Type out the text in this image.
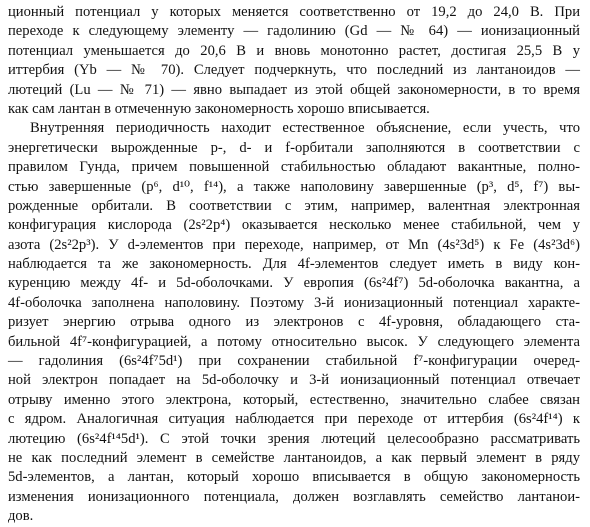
ционный потенциал у которых меняется соответственно от 19,2 до 24,0 В. При
переходе к следующему элементу — гадолинию (Gd — № 64) — ионизационный
потенциал уменьшается до 20,6 В и вновь монотонно растет, достигая 25,5 В у
иттербия (Yb — № 70). Следует подчеркнуть, что последний из лантаноидов —
лютеций (Lu — № 71) — явно выпадает из этой общей закономерности, в то время
как сам лантан в отмеченную закономерность хорошо вписывается.
Внутренняя периодичность находит естественное объяснение, если учесть, что
энергетически вырожденные p-, d- и f-орбитали заполняются в соответствии с
правилом Гунда, причем повышенной стабильностью обладают вакантные, полно-
стью завершенные (p⁶, d¹⁰, f¹⁴), а также наполовину завершенные (p³, d⁵, f⁷) вы-
рожденные орбитали. В соответствии с этим, например, валентная электронная
конфигурация кислорода (2s²2p⁴) оказывается несколько менее стабильной, чем у
азота (2s²2p³). У d-элементов при переходе, например, от Mn (4s²3d⁵) к Fe (4s²3d⁶)
наблюдается та же закономерность. Для 4f-элементов следует иметь в виду кон-
куренцию между 4f- и 5d-оболочками. У европия (6s²4f⁷) 5d-оболочка вакантна, а
4f-оболочка заполнена наполовину. Поэтому 3-й ионизационный потенциал характе-
ризует энергию отрыва одного из электронов с 4f-уровня, обладающего ста-
бильной 4f⁷-конфигурацией, а потому относительно высок. У следующего элемента
— гадолиния (6s²4f⁷5d¹) при сохранении стабильной f⁷-конфигурации очеред-
ной электрон попадает на 5d-оболочку и 3-й ионизационный потенциал отвечает
отрыву именно этого электрона, который, естественно, значительно слабее связан
с ядром. Аналогичная ситуация наблюдается при переходе от иттербия (6s²4f¹⁴) к
лютецию (6s²4f¹⁴5d¹). С этой точки зрения лютеций целесообразно рассматривать
не как последний элемент в семействе лантаноидов, а как первый элемент в ряду
5d-элементов, а лантан, который хорошо вписывается в общую закономерность
изменения ионизационного потенциала, должен возглавлять семейство лантанои-
дов.
